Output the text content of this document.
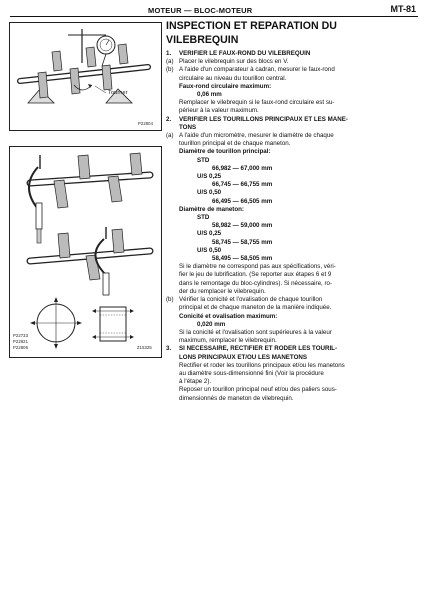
MOTEUR — BLOC-MOTEUR	MT-81
Tourner
P22804
P22733
P22821
P22806	Z15325
INSPECTION ET REPARATION DU
VILEBREQUIN
1.	VERIFIER LE FAUX-ROND DU VILEBREQUIN
(a) Placer le vilebrequin sur des blocs en V.
(b) A l'aide d'un comparateur à cadran, mesurer le faux-rond
circulaire au niveau du tourillon central.
Faux-rond circulaire maximum:
0,06 mm
Remplacer le vilebrequin si le faux-rond circulaire est su-
périeur à la valeur maximum.
2.	VERIFIER LES TOURILLONS PRINCIPAUX ET LES MANE-
TONS
(a) A l'aide d'un micromètre, mesurer le diamètre de chaque
tourillon principal et de chaque maneton.
Diamètre de tourillon principal:
STD
66,982 — 67,000 mm
U/S 0,25
66,745 — 66,755 mm
U/S 0,50
66,495 — 66,505 mm
Diamètre de maneton:
STD
58,982 — 59,000 mm
U/S 0,25
58,745 — 58,755 mm
U/S 0,50
58,495 — 58,505 mm
Si le diamètre ne correspond pas aux spécifications, véri-
fier le jeu de lubrification. (Se reporter aux étapes 6 et 9
dans le remontage du bloc-cylindres). Si nécessaire, ro-
der du remplacer le vilebrequin.
(b) Vérifier la conicité et l'ovalisation de chaque tourillon
principal et de chaque maneton de la manière indiquée.
Conicité et ovalisation maximum:
0,020 mm
Si la conicité et l'ovalisation sont supérieures à la valeur
maximum, remplacer le vilebrequin.
3.	SI NECESSAIRE, RECTIFIER ET RODER LES TOURIL-
LONS PRINCIPAUX ET/OU LES MANETONS
Rectifier et roder les tourillons principaux et/ou les manetons
au diamètre sous-dimensionné fini (Voir la procédure
à l'étape 2).
Reposer un tourillon principal neuf et/ou des paliers sous-
dimensionnés de maneton de vilebrequin.
